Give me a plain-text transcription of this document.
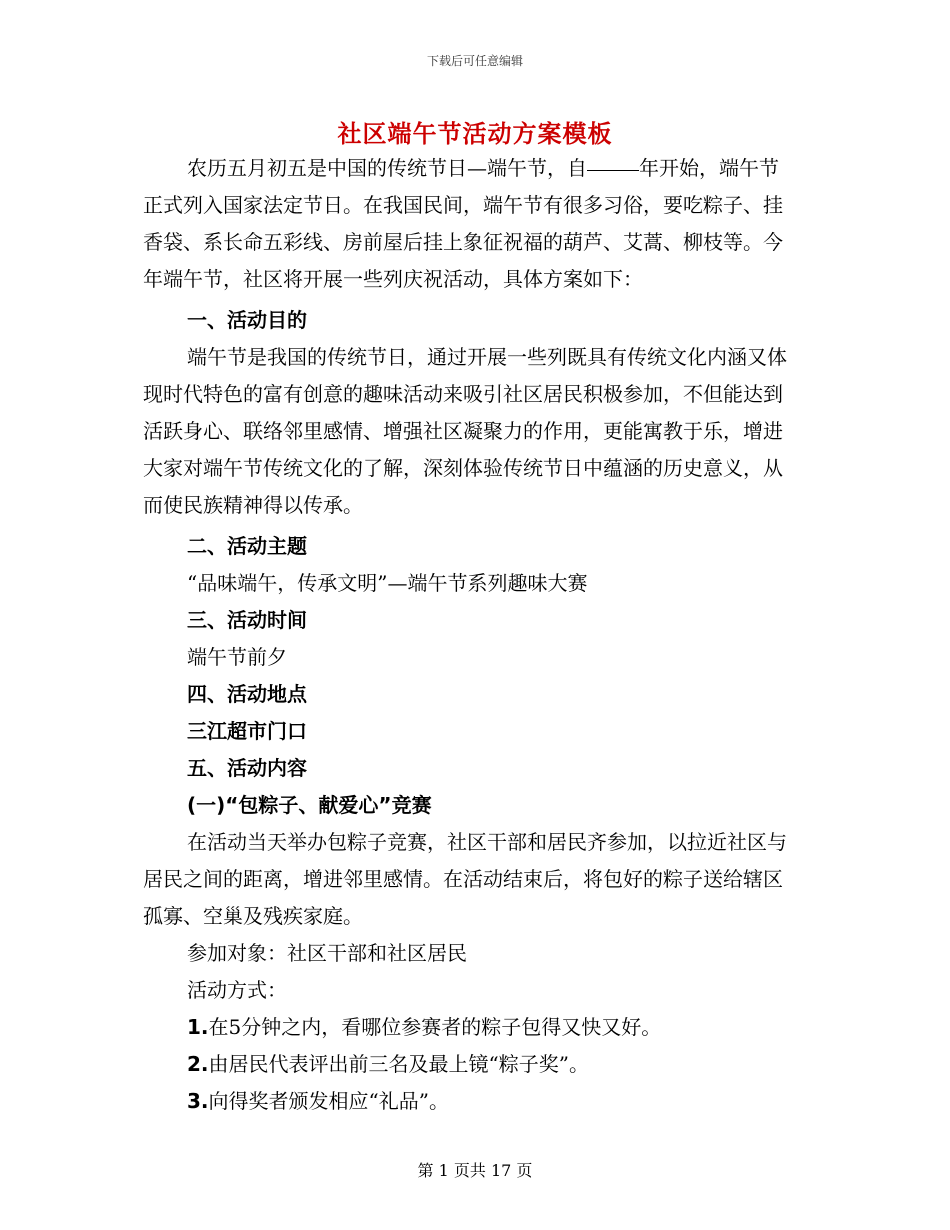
下载后可任意编辑
社区端午节活动方案模板

农历五月初五是中国的传统节日—端午节，自	年开始，端午节正式列入国家法定节日。在我国民间，端午节有很多习俗，要吃粽子、挂香袋、系长命五彩线、房前屋后挂上象征祝福的葫芦、艾蒿、柳枝等。今年端午节，社区将开展一些列庆祝活动，具体方案如下：

一、活动目的

端午节是我国的传统节日，通过开展一些列既具有传统文化内涵又体现时代特色的富有创意的趣味活动来吸引社区居民积极参加，不但能达到活跃身心、联络邻里感情、增强社区凝聚力的作用，更能寓教于乐，增进大家对端午节传统文化的了解，深刻体验传统节日中蕴涵的历史意义，从而使民族精神得以传承。

二、活动主题

“品味端午，传承文明”—端午节系列趣味大赛

三、活动时间

端午节前夕

四、活动地点

三江超市门口

五、活动内容

(一)“包粽子、献爱心”竞赛

在活动当天举办包粽子竞赛，社区干部和居民齐参加，以拉近社区与居民之间的距离，增进邻里感情。在活动结束后，将包好的粽子送给辖区孤寡、空巢及残疾家庭。

参加对象：社区干部和社区居民

活动方式：

1.在5分钟之内，看哪位参赛者的粽子包得又快又好。

2.由居民代表评出前三名及最上镜“粽子奖”。

3.向得奖者颁发相应“礼品”。

第 1 页共 17 页
